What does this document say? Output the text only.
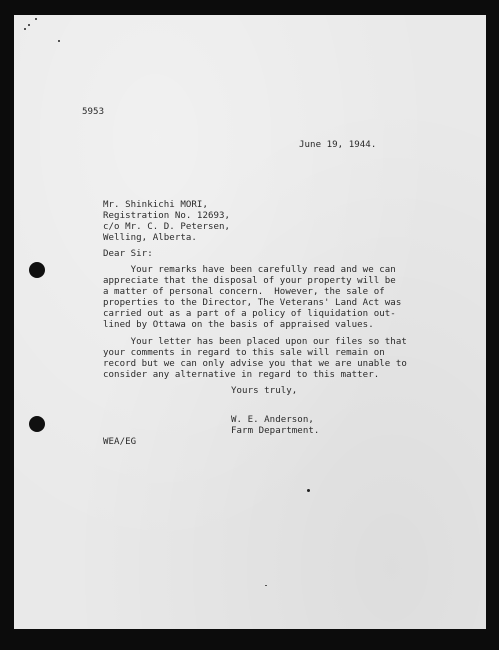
5953
June 19, 1944.
Mr. Shinkichi MORI,
Registration No. 12693,
c/o Mr. C. D. Petersen,
Welling, Alberta.
Dear Sir:
Your remarks have been carefully read and we can
appreciate that the disposal of your property will be
a matter of personal concern.  However, the sale of
properties to the Director, The Veterans' Land Act was
carried out as a part of a policy of liquidation out-
lined by Ottawa on the basis of appraised values.
Your letter has been placed upon our files so that
your comments in regard to this sale will remain on
record but we can only advise you that we are unable to
consider any alternative in regard to this matter.
Yours truly,
W. E. Anderson,
Farm Department.
WEA/EG
